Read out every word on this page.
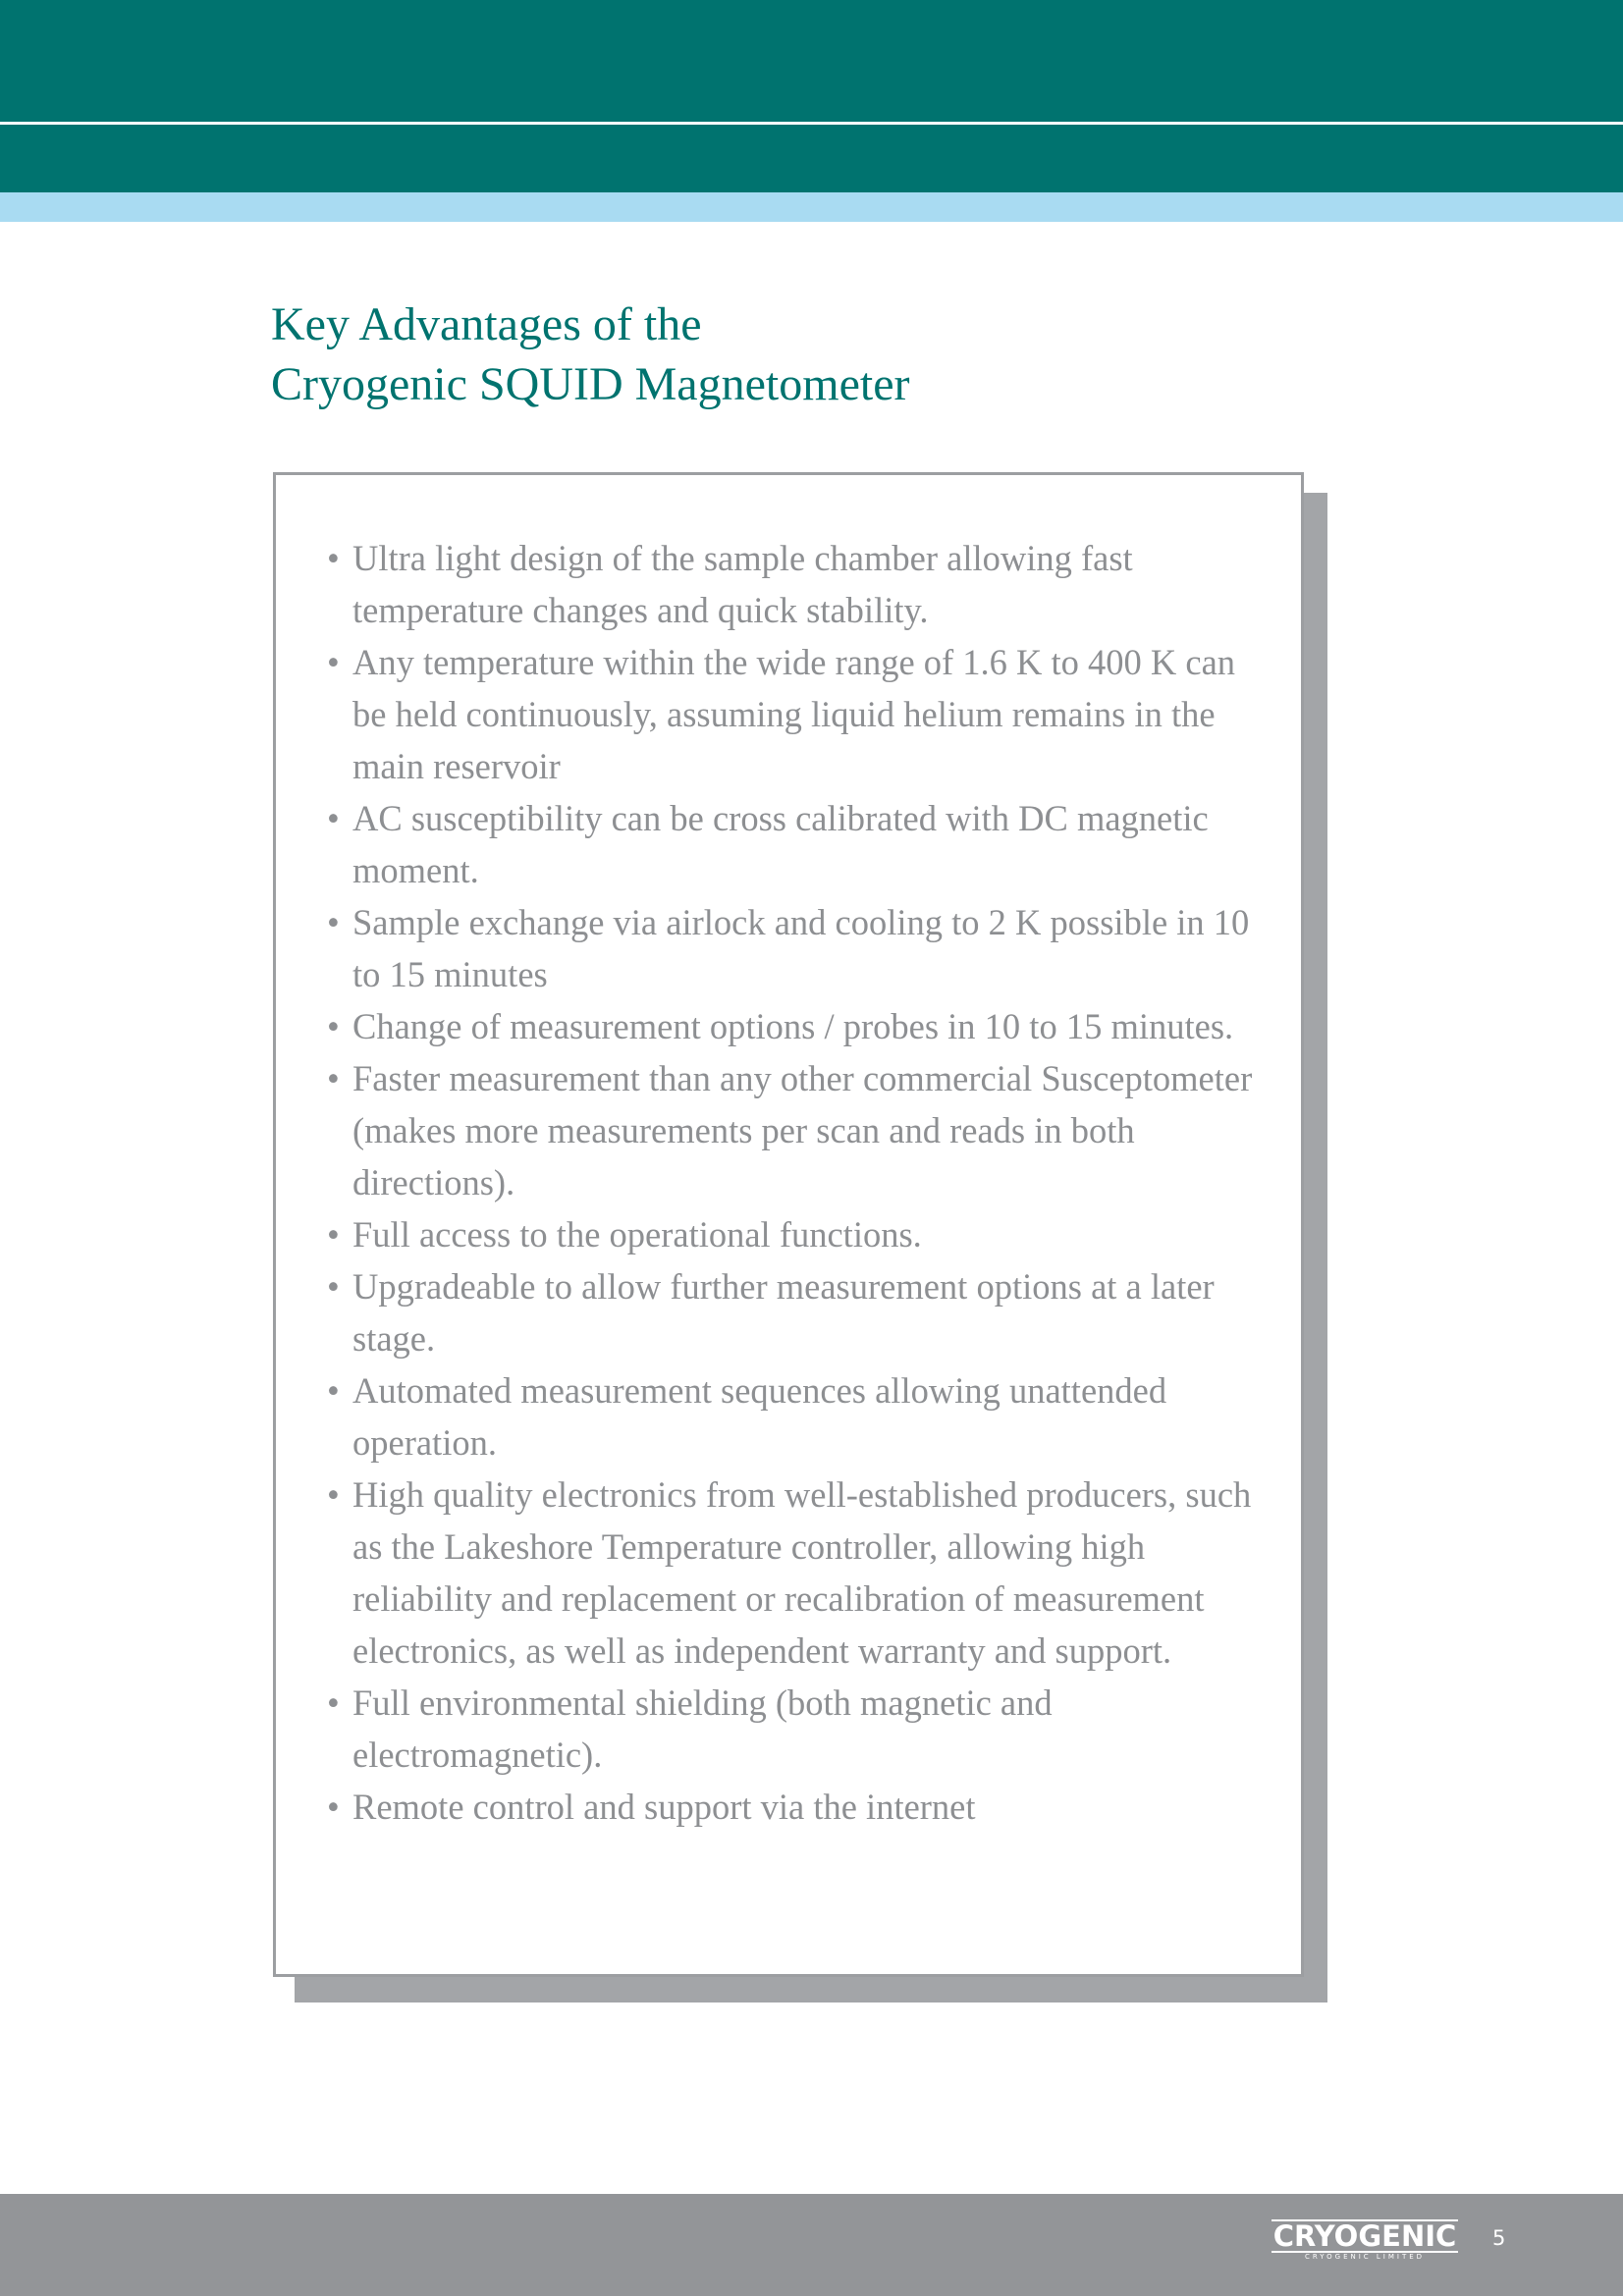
Key Advantages of the
Cryogenic SQUID Magnetometer
• Ultra light design of the sample chamber allowing fast temperature changes and quick stability.
• Any temperature within the wide range of 1.6 K to 400 K can be held continuously, assuming liquid helium remains in the main reservoir
• AC susceptibility can be cross calibrated with DC magnetic moment.
• Sample exchange via airlock and cooling to 2 K possible in 10 to 15 minutes
• Change of measurement options / probes in 10 to 15 minutes.
• Faster measurement than any other commercial Susceptometer (makes more measurements per scan and reads in both directions).
• Full access to the operational functions.
• Upgradeable to allow further measurement options at a later stage.
• Automated measurement sequences allowing unattended operation.
• High quality electronics from well-established producers, such as the Lakeshore Temperature controller, allowing high reliability and replacement or recalibration of measurement electronics, as well as independent warranty and support.
• Full environmental shielding (both magnetic and electromagnetic).
• Remote control and support via the internet
CRYOGENIC
CRYOGENIC LIMITED
5
